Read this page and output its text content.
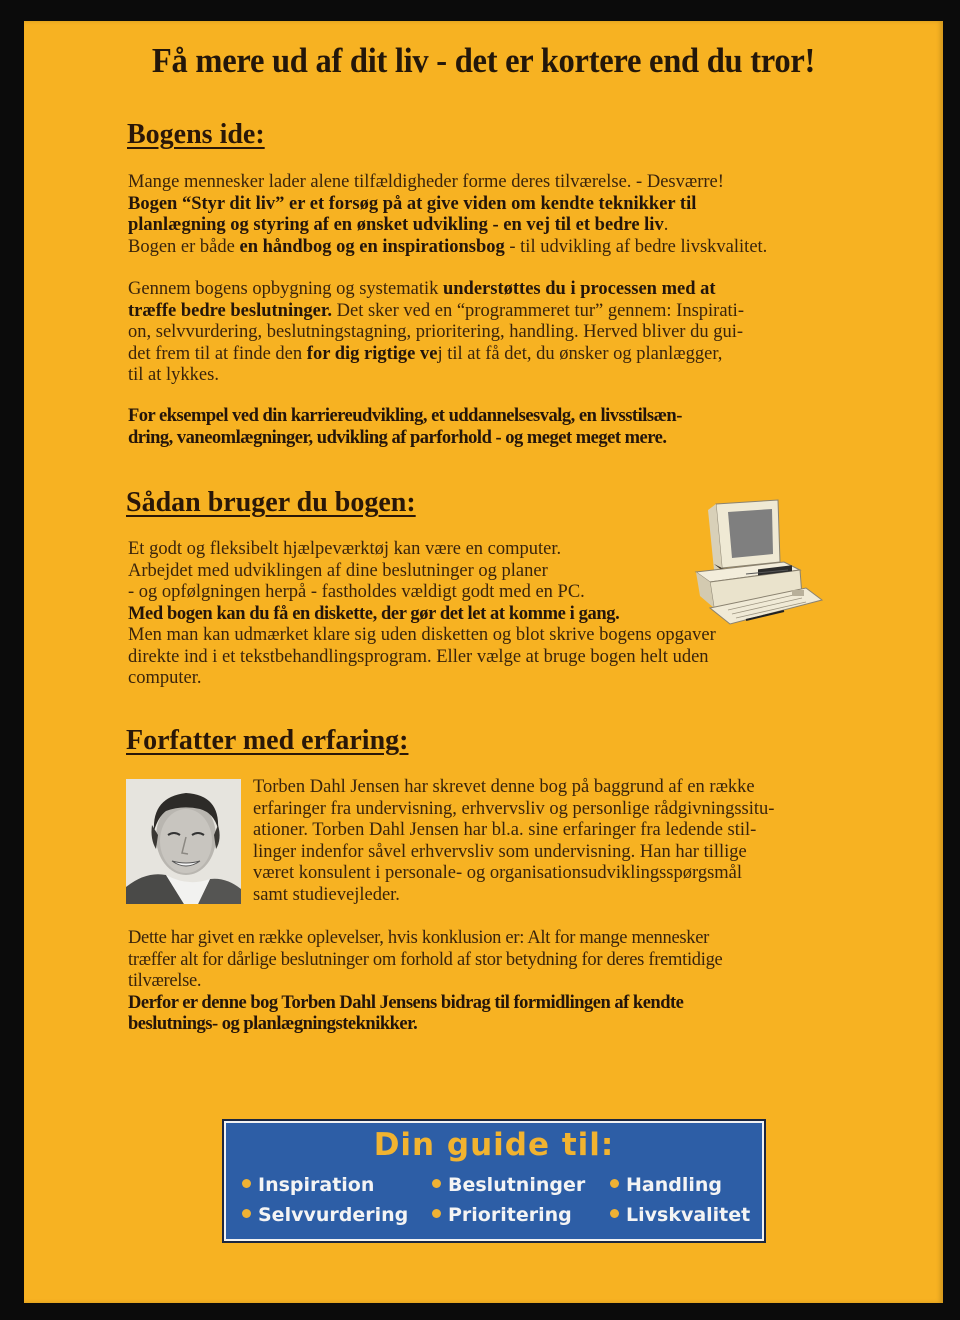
Få mere ud af dit liv - det er kortere end du tror!
Bogens ide:
Mange mennesker lader alene tilfældigheder forme deres tilværelse. - Desværre!
Bogen “Styr dit liv” er et forsøg på at give viden om kendte teknikker til
planlægning og styring af en ønsket udvikling - en vej til et bedre liv.
Bogen er både en håndbog og en inspirationsbog - til udvikling af bedre livskvalitet.
Gennem bogens opbygning og systematik understøttes du i processen med at
træffe bedre beslutninger. Det sker ved en “programmeret tur” gennem: Inspirati-
on, selvvurdering, beslutningstagning, prioritering, handling. Herved bliver du gui-
det frem til at finde den for dig rigtige vej til at få det, du ønsker og planlægger,
til at lykkes.
For eksempel ved din karriereudvikling, et uddannelsesvalg, en livsstilsæn-
dring, vaneomlægninger, udvikling af parforhold - og meget meget mere.
Sådan bruger du bogen:
Et godt og fleksibelt hjælpeværktøj kan være en computer.
Arbejdet med udviklingen af dine beslutninger og planer
- og opfølgningen herpå - fastholdes vældigt godt med en PC.
Med bogen kan du få en diskette, der gør det let at komme i gang.
Men man kan udmærket klare sig uden disketten og blot skrive bogens opgaver
direkte ind i et tekstbehandlingsprogram. Eller vælge at bruge bogen helt uden
computer.
Forfatter med erfaring:
Torben Dahl Jensen har skrevet denne bog på baggrund af en række
erfaringer fra undervisning, erhvervsliv og personlige rådgivningssitu-
ationer. Torben Dahl Jensen har bl.a. sine erfaringer fra ledende stil-
linger indenfor såvel erhvervsliv som undervisning. Han har tillige
været konsulent i personale- og organisationsudviklingsspørgsmål
samt studievejleder.
Dette har givet en række oplevelser, hvis konklusion er: Alt for mange mennesker
træffer alt for dårlige beslutninger om forhold af stor betydning for deres fremtidige
tilværelse.
Derfor er denne bog Torben Dahl Jensens bidrag til formidlingen af kendte
beslutnings- og planlægningsteknikker.
Din guide til:
Inspiration	Beslutninger	Handling
Selvvurdering	Prioritering	Livskvalitet
